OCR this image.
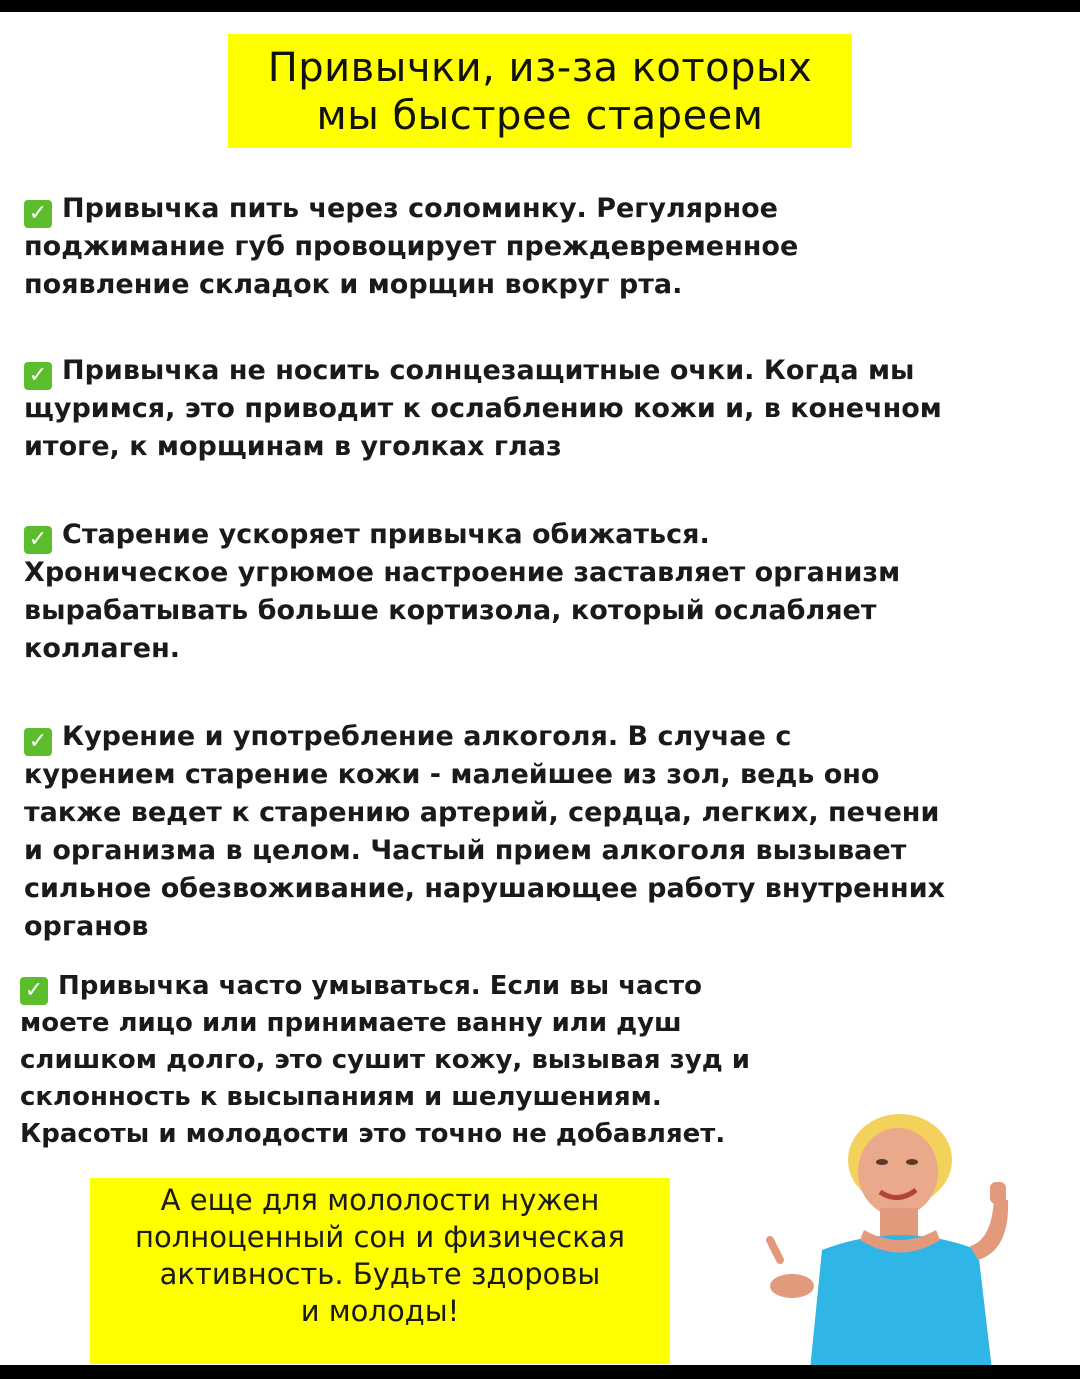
Привычки, из-за которых
мы быстрее стареем
✓ Привычка пить через соломинку. Регулярное
поджимание губ провоцирует преждевременное
появление складок и морщин вокруг рта.
✓ Привычка не носить солнцезащитные очки. Когда мы
щуримся, это приводит к ослаблению кожи и, в конечном
итоге, к морщинам в уголках глаз
✓ Старение ускоряет привычка обижаться.
Хроническое угрюмое настроение заставляет организм
вырабатывать больше кортизола, который ослабляет
коллаген.
✓ Курение и употребление алкоголя. В случае с
курением старение кожи - малейшее из зол, ведь оно
также ведет к старению артерий, сердца, легких, печени
и организма в целом. Частый прием алкоголя вызывает
сильное обезвоживание, нарушающее работу внутренних
органов
✓ Привычка часто умываться. Если вы часто
моете лицо или принимаете ванну или душ
слишком долго, это сушит кожу, вызывая зуд и
склонность к высыпаниям и шелушениям.
Красоты и молодости это точно не добавляет.
А еще для мололости нужен
полноценный сон и физическая
активность. Будьте здоровы
и молоды!
